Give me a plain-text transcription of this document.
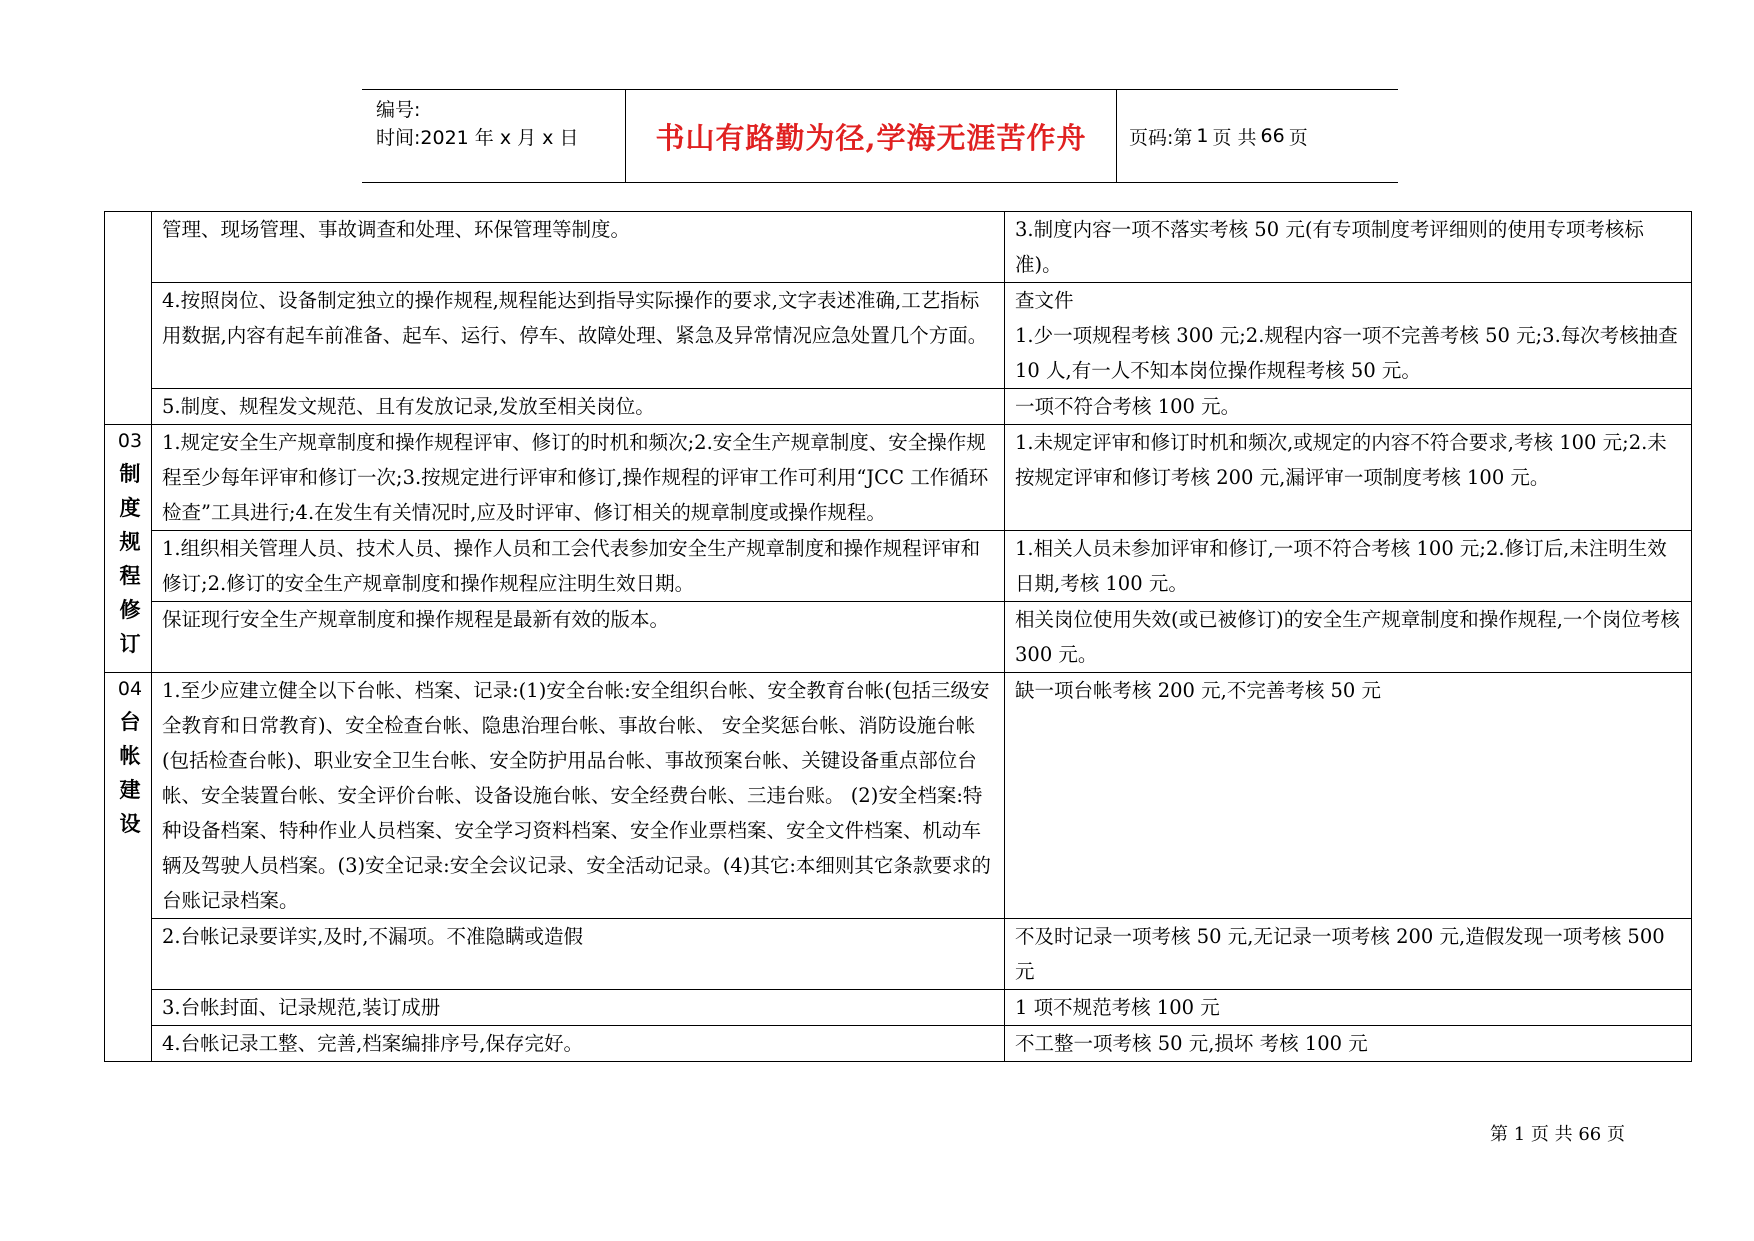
编号:
时间:2021 年 x 月 x 日	书山有路勤为径,学海无涯苦作舟	页码:第 1 页 共 66 页
	管理、现场管理、事故调查和处理、环保管理等制度。	3.制度内容一项不落实考核 50 元(有专项制度考评细则的使用专项考核标准)。
	4.按照岗位、设备制定独立的操作规程,规程能达到指导实际操作的要求,文字表述准确,工艺指标用数据,内容有起车前准备、起车、运行、停车、故障处理、紧急及异常情况应急处置几个方面。	查文件
1.少一项规程考核 300 元;2.规程内容一项不完善考核 50 元;3.每次考核抽查 10 人,有一人不知本岗位操作规程考核 50 元。
	5.制度、规程发文规范、且有发放记录,发放至相关岗位。	一项不符合考核 100 元。

03
制度规程修订	1.规定安全生产规章制度和操作规程评审、修订的时机和频次;2.安全生产规章制度、安全操作规程至少每年评审和修订一次;3.按规定进行评审和修订,操作规程的评审工作可利用“JCC 工作循环检查”工具进行;4.在发生有关情况时,应及时评审、修订相关的规章制度或操作规程。	1.未规定评审和修订时机和频次,或规定的内容不符合要求,考核 100 元;2.未按规定评审和修订考核 200 元,漏评审一项制度考核 100 元。
	1.组织相关管理人员、技术人员、操作人员和工会代表参加安全生产规章制度和操作规程评审和修订;2.修订的安全生产规章制度和操作规程应注明生效日期。	1.相关人员未参加评审和修订,一项不符合考核 100 元;2.修订后,未注明生效日期,考核 100 元。
	保证现行安全生产规章制度和操作规程是最新有效的版本。	相关岗位使用失效(或已被修订)的安全生产规章制度和操作规程,一个岗位考核 300 元。

04
台帐建设	1.至少应建立健全以下台帐、档案、记录:(1)安全台帐:安全组织台帐、安全教育台帐(包括三级安全教育和日常教育)、安全检查台帐、隐患治理台帐、事故台帐、 安全奖惩台帐、消防设施台帐(包括检查台帐)、职业安全卫生台帐、安全防护用品台帐、事故预案台帐、关键设备重点部位台帐、安全装置台帐、安全评价台帐、设备设施台帐、安全经费台帐、三违台账。 (2)安全档案:特种设备档案、特种作业人员档案、安全学习资料档案、安全作业票档案、安全文件档案、机动车辆及驾驶人员档案。(3)安全记录:安全会议记录、安全活动记录。(4)其它:本细则其它条款要求的台账记录档案。	缺一项台帐考核 200 元,不完善考核 50 元
	2.台帐记录要详实,及时,不漏项。不准隐瞒或造假	不及时记录一项考核 50 元,无记录一项考核 200 元,造假发现一项考核 500 元
	3.台帐封面、记录规范,装订成册	1 项不规范考核 100 元
	4.台帐记录工整、完善,档案编排序号,保存完好。	不工整一项考核 50 元,损坏 考核 100 元
第 1 页 共 66 页
